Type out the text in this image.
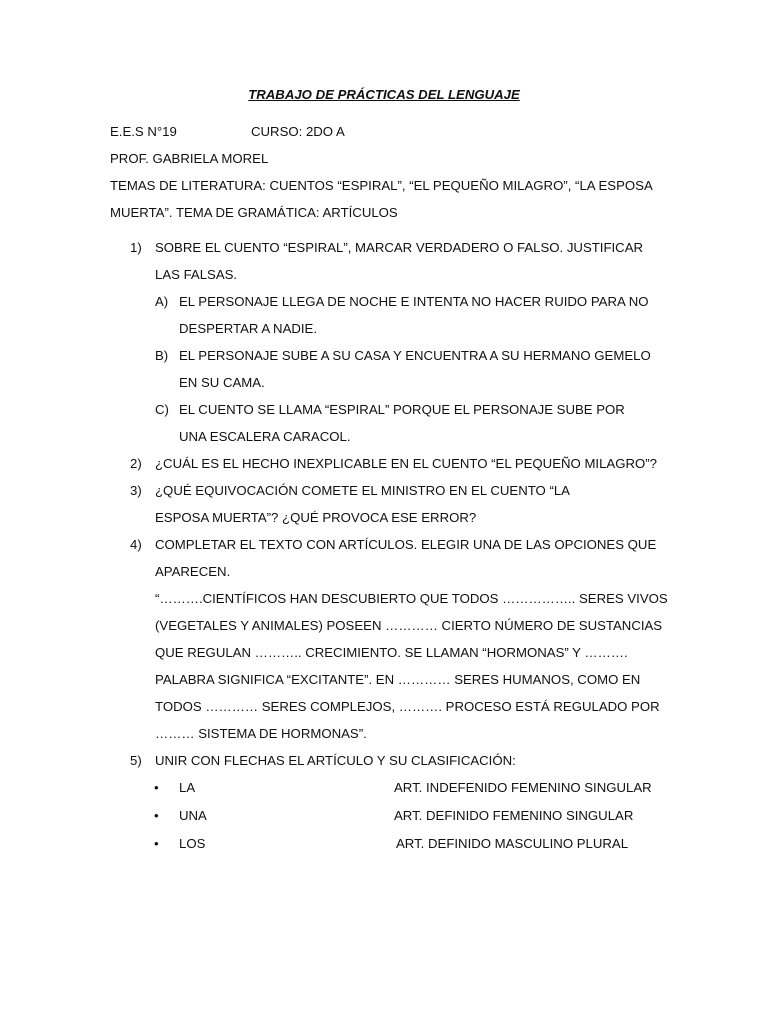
TRABAJO DE PRÁCTICAS DEL LENGUAJE
E.E.S N°19	CURSO: 2DO A
PROF. GABRIELA MOREL
TEMAS DE LITERATURA: CUENTOS “ESPIRAL”, “EL PEQUEÑO MILAGRO”, “LA ESPOSA
MUERTA”. TEMA DE GRAMÁTICA: ARTÍCULOS
1) SOBRE EL CUENTO “ESPIRAL”, MARCAR VERDADERO O FALSO. JUSTIFICAR LAS FALSAS.
A) EL PERSONAJE LLEGA DE NOCHE E INTENTA NO HACER RUIDO PARA NO DESPERTAR A NADIE.
B) EL PERSONAJE SUBE A SU CASA Y ENCUENTRA A SU HERMANO GEMELO EN SU CAMA.
C) EL CUENTO SE LLAMA “ESPIRAL” PORQUE EL PERSONAJE SUBE POR UNA ESCALERA CARACOL.
2) ¿CUÁL ES EL HECHO INEXPLICABLE EN EL CUENTO “EL PEQUEÑO MILAGRO”?
3) ¿QUÉ EQUIVOCACIÓN COMETE EL MINISTRO EN EL CUENTO “LA ESPOSA MUERTA”? ¿QUÉ PROVOCA ESE ERROR?
4) COMPLETAR EL TEXTO CON ARTÍCULOS. ELEGIR UNA DE LAS OPCIONES QUE APARECEN.
“……….CIENTÍFICOS HAN DESCUBIERTO QUE TODOS …………….. SERES VIVOS (VEGETALES Y ANIMALES) POSEEN ………… CIERTO NÚMERO DE SUSTANCIAS QUE REGULAN ……….. CRECIMIENTO. SE LLAMAN “HORMONAS” Y ………. PALABRA SIGNIFICA “EXCITANTE”. EN ………… SERES HUMANOS, COMO EN TODOS ………… SERES COMPLEJOS, ………. PROCESO ESTÁ REGULADO POR ……… SISTEMA DE HORMONAS”.
5) UNIR CON FLECHAS EL ARTÍCULO Y SU CLASIFICACIÓN:
• LA	ART. INDEFENIDO FEMENINO SINGULAR
• UNA	ART. DEFINIDO FEMENINO SINGULAR
• LOS	ART. DEFINIDO MASCULINO PLURAL
